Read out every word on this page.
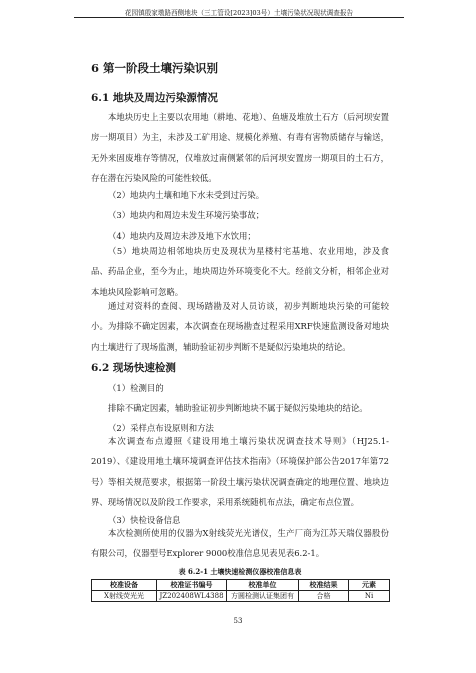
花园镇殷家墩路西侧地块（三工管设[2023]03号）土壤污染状况现状调查报告
6 第一阶段土壤污染识别
6.1 地块及周边污染源情况
本地块历史上主要以农用地（耕地、花地）、鱼塘及堆放土石方（后河坝安置房一期项目）为主，未涉及工矿用途、规模化养殖、有毒有害物质储存与输送，无外来固废堆存等情况，仅堆放过南侧紧邻的后河坝安置房一期项目的土石方，存在潜在污染风险的可能性较低。
（2）地块内土壤和地下水未受到过污染。
（3）地块内和周边未发生环境污染事故；
（4）地块内及周边未涉及地下水饮用；
（5）地块周边相邻地块历史及现状为星楼村宅基地、农业用地，涉及食品、药品企业，至今为止，地块周边外环境变化不大。经前文分析，相邻企业对本地块风险影响可忽略。
通过对资料的查阅、现场踏勘及对人员访谈，初步判断地块污染的可能较小。为排除不确定因素，本次调查在现场勘查过程采用XRF快速监测设备对地块内土壤进行了现场监测，辅助验证初步判断不是疑似污染地块的结论。
6.2 现场快速检测
（1）检测目的
排除不确定因素，辅助验证初步判断地块不属于疑似污染地块的结论。
（2）采样点布设原则和方法
本次调查布点遵照《建设用地土壤污染状况调查技术导则》（HJ25.1-2019）、《建设用地土壤环境调查评估技术指南》（环境保护部公告2017年第72号）等相关规范要求，根据第一阶段土壤污染状况调查确定的地理位置、地块边界、现场情况以及阶段工作要求，采用系统随机布点法，确定布点位置。
（3）快检设备信息
本次检测所使用的仪器为X射线荧光光谱仪，生产厂商为江苏天瑞仪器股份有限公司，仪器型号Explorer 9000校准信息见表见表6.2-1。
表 6.2-1 土壤快速检测仪器校准信息表
校准设备	校准证书编号	校准单位	校准结果	元素
X射线荧光光	JZ202408WL4388	方圆检测认证集团有	合格	Ni
53
